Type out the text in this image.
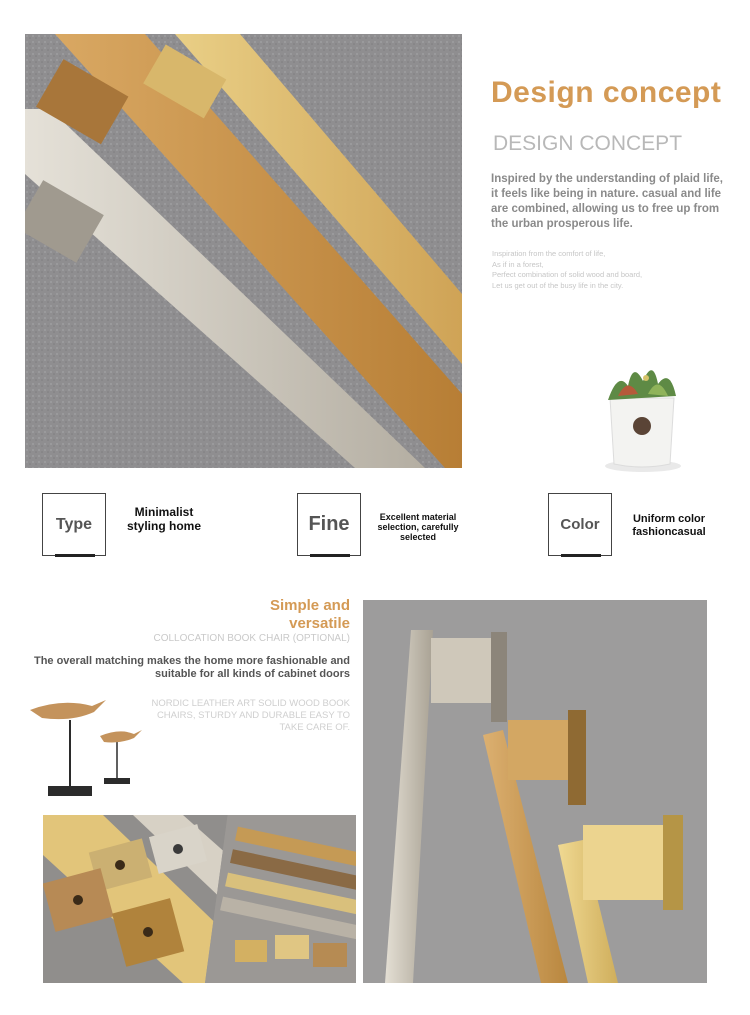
Design concept
DESIGN CONCEPT
Inspired by the understanding of plaid life, it feels like being in nature. casual and life are combined, allowing us to free up from the urban prosperous life.
Inspiration from the comfort of life,
As if in a forest,
Perfect combination of solid wood and board,
Let us get out of the busy life in the city.
Type
Minimalist styling home	Fine	Excellent material selection, carefully selected
Color	Uniform color fashioncasual
Simple and versatile
COLLOCATION BOOK CHAIR (OPTIONAL)
The overall matching makes the home more fashionable and suitable for all kinds of cabinet doors
NORDIC LEATHER ART SOLID WOOD BOOK CHAIRS, STURDY AND DURABLE EASY TO TAKE CARE OF.
